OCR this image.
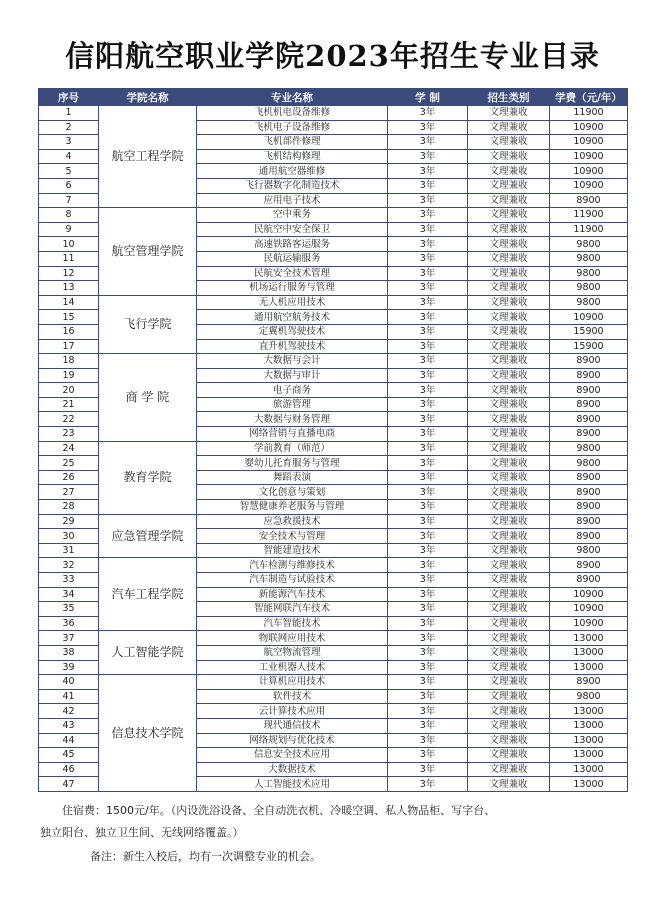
信阳航空职业学院2023年招生专业目录
序号	学院名称	专业名称	学 制	招生类别	学费（元/年）
1	航空工程学院	飞机机电设备维修	3年	文理兼收	11900
2		飞机电子设备维修	3年	文理兼收	10900
3		飞机部件修理	3年	文理兼收	10900
4		飞机结构修理	3年	文理兼收	10900
5		通用航空器维修	3年	文理兼收	10900
6		飞行器数字化制造技术	3年	文理兼收	10900
7		应用电子技术	3年	文理兼收	8900
8	航空管理学院	空中乘务	3年	文理兼收	11900
9		民航空中安全保卫	3年	文理兼收	11900
10		高速铁路客运服务	3年	文理兼收	9800
11		民航运输服务	3年	文理兼收	9800
12		民航安全技术管理	3年	文理兼收	9800
13		机场运行服务与管理	3年	文理兼收	9800
14	飞行学院	无人机应用技术	3年	文理兼收	9800
15		通用航空航务技术	3年	文理兼收	10900
16		定翼机驾驶技术	3年	文理兼收	15900
17		直升机驾驶技术	3年	文理兼收	15900
18	商 学 院	大数据与会计	3年	文理兼收	8900
19		大数据与审计	3年	文理兼收	8900
20		电子商务	3年	文理兼收	8900
21		旅游管理	3年	文理兼收	8900
22		大数据与财务管理	3年	文理兼收	8900
23		网络营销与直播电商	3年	文理兼收	8900
24	教育学院	学前教育（师范）	3年	文理兼收	9800
25		婴幼儿托育服务与管理	3年	文理兼收	9800
26		舞蹈表演	3年	文理兼收	8900
27		文化创意与策划	3年	文理兼收	8900
28		智慧健康养老服务与管理	3年	文理兼收	8900
29	应急管理学院	应急救援技术	3年	文理兼收	8900
30		安全技术与管理	3年	文理兼收	8900
31		智能建造技术	3年	文理兼收	9800
32	汽车工程学院	汽车检测与维修技术	3年	文理兼收	8900
33		汽车制造与试验技术	3年	文理兼收	8900
34		新能源汽车技术	3年	文理兼收	10900
35		智能网联汽车技术	3年	文理兼收	10900
36		汽车智能技术	3年	文理兼收	10900
37	人工智能学院	物联网应用技术	3年	文理兼收	13000
38		航空物流管理	3年	文理兼收	13000
39		工业机器人技术	3年	文理兼收	13000
40	信息技术学院	计算机应用技术	3年	文理兼收	8900
41		软件技术	3年	文理兼收	9800
42		云计算技术应用	3年	文理兼收	13000
43		现代通信技术	3年	文理兼收	13000
44		网络规划与优化技术	3年	文理兼收	13000
45		信息安全技术应用	3年	文理兼收	13000
46		大数据技术	3年	文理兼收	13000
47		人工智能技术应用	3年	文理兼收	13000
住宿费：1500元/年。（内设洗浴设备、全自动洗衣机、冷暖空调、私人物品柜、写字台、
独立阳台、独立卫生间、无线网络覆盖。）
备注：新生入校后，均有一次调整专业的机会。
